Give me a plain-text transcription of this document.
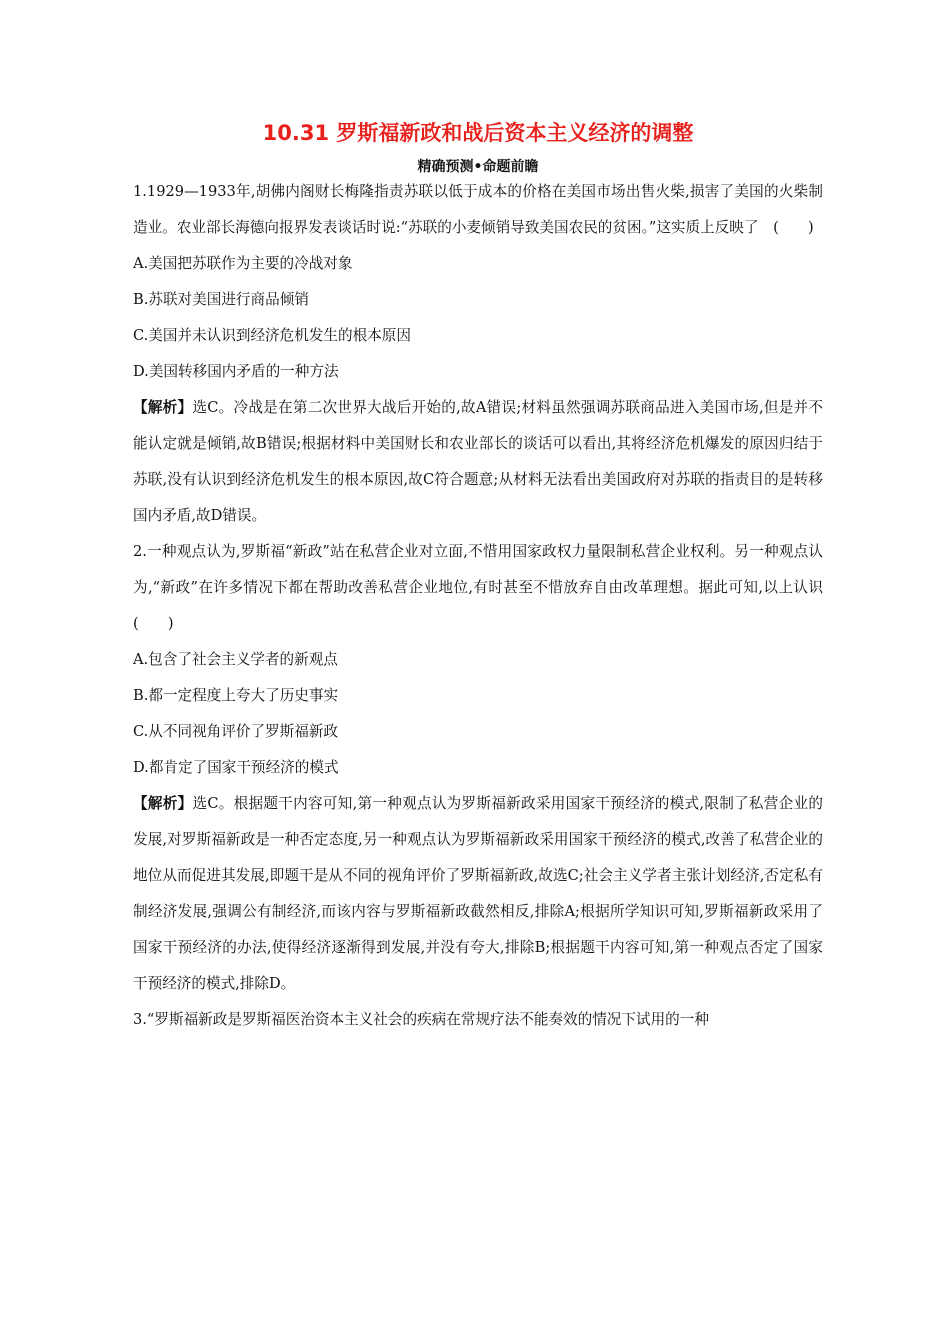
10.31 罗斯福新政和战后资本主义经济的调整
精确预测•命题前瞻

1.1929—1933年,胡佛内阁财长梅隆指责苏联以低于成本的价格在美国市场出售火柴,损害了美国的火柴制造业。农业部长海德向报界发表谈话时说:“苏联的小麦倾销导致美国农民的贫困。”这实质上反映了　(　　)

A.美国把苏联作为主要的冷战对象

B.苏联对美国进行商品倾销

C.美国并未认识到经济危机发生的根本原因

D.美国转移国内矛盾的一种方法

【解析】选C。冷战是在第二次世界大战后开始的,故A错误;材料虽然强调苏联商品进入美国市场,但是并不能认定就是倾销,故B错误;根据材料中美国财长和农业部长的谈话可以看出,其将经济危机爆发的原因归结于苏联,没有认识到经济危机发生的根本原因,故C符合题意;从材料无法看出美国政府对苏联的指责目的是转移国内矛盾,故D错误。

2.一种观点认为,罗斯福“新政”站在私营企业对立面,不惜用国家政权力量限制私营企业权利。另一种观点认为,“新政”在许多情况下都在帮助改善私营企业地位,有时甚至不惜放弃自由改革理想。据此可知,以上认识 (　　)

A.包含了社会主义学者的新观点

B.都一定程度上夸大了历史事实

C.从不同视角评价了罗斯福新政

D.都肯定了国家干预经济的模式

【解析】选C。根据题干内容可知,第一种观点认为罗斯福新政采用国家干预经济的模式,限制了私营企业的发展,对罗斯福新政是一种否定态度,另一种观点认为罗斯福新政采用国家干预经济的模式,改善了私营企业的地位从而促进其发展,即题干是从不同的视角评价了罗斯福新政,故选C;社会主义学者主张计划经济,否定私有制经济发展,强调公有制经济,而该内容与罗斯福新政截然相反,排除A;根据所学知识可知,罗斯福新政采用了国家干预经济的办法,使得经济逐渐得到发展,并没有夸大,排除B;根据题干内容可知,第一种观点否定了国家干预经济的模式,排除D。

3.“罗斯福新政是罗斯福医治资本主义社会的疾病在常规疗法不能奏效的情况下试用的一种
